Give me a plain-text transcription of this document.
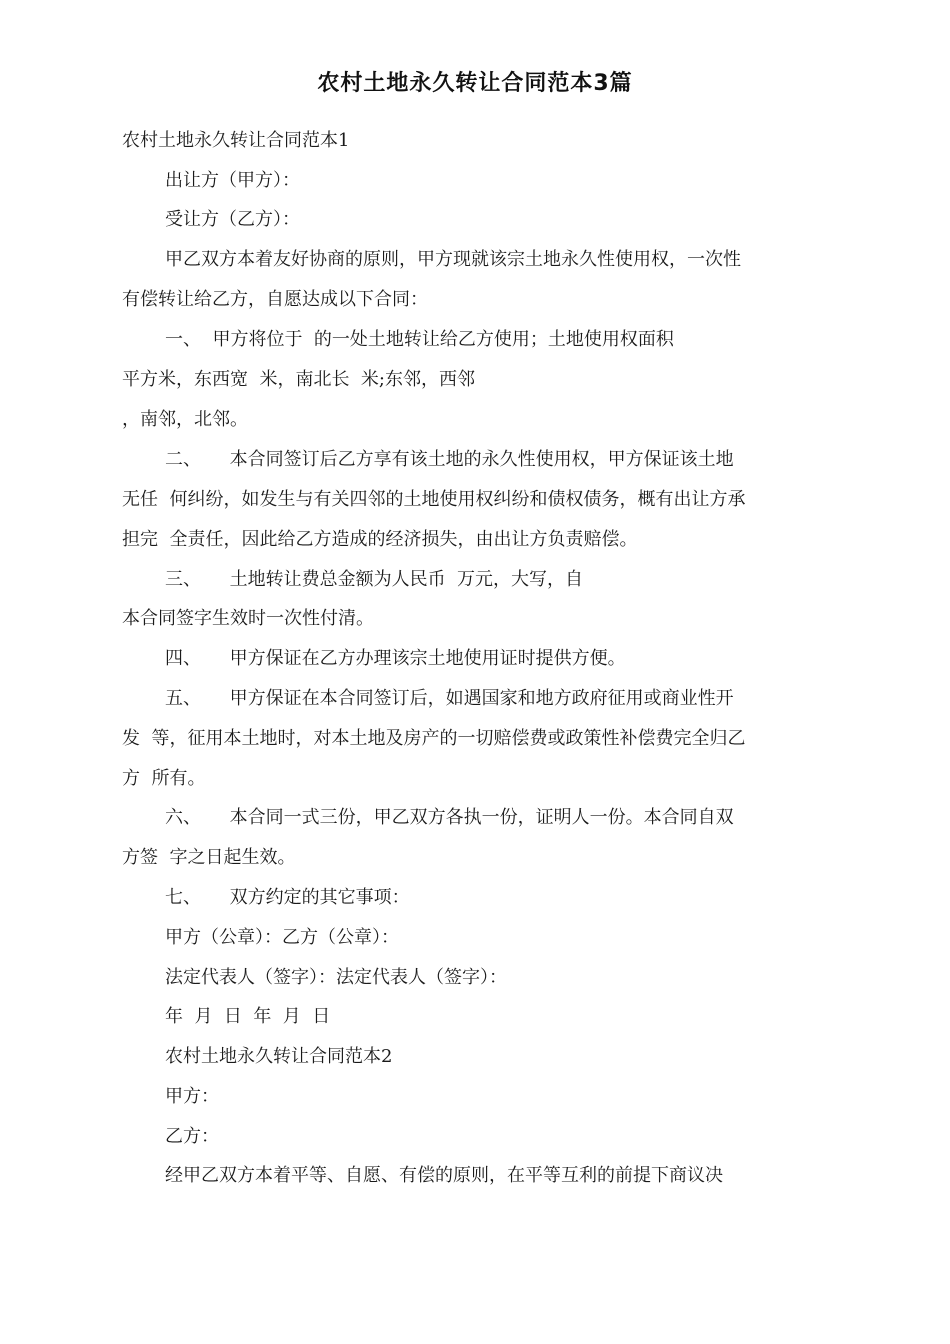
农村土地永久转让合同范本3篇
农村土地永久转让合同范本1
出让方（甲方）：
受让方（乙方）：
甲乙双方本着友好协商的原则，甲方现就该宗土地永久性使用权，一次性
有偿转让给乙方，自愿达成以下合同：
一、  甲方将位于  的一处土地转让给乙方使用；土地使用权面积
平方米，东西宽  米，南北长  米;东邻，西邻
，南邻，北邻。
二、     本合同签订后乙方享有该土地的永久性使用权，甲方保证该土地
无任  何纠纷，如发生与有关四邻的土地使用权纠纷和债权债务，概有出让方承
担完  全责任，因此给乙方造成的经济损失，由出让方负责赔偿。
三、     土地转让费总金额为人民币  万元，大写，自
本合同签字生效时一次性付清。
四、     甲方保证在乙方办理该宗土地使用证时提供方便。
五、     甲方保证在本合同签订后，如遇国家和地方政府征用或商业性开
发  等，征用本土地时，对本土地及房产的一切赔偿费或政策性补偿费完全归乙
方  所有。
六、     本合同一式三份，甲乙双方各执一份，证明人一份。本合同自双
方签  字之日起生效。
七、     双方约定的其它事项：
甲方（公章）：乙方（公章）：
法定代表人（签字）：法定代表人（签字）：
年  月  日  年  月  日
农村土地永久转让合同范本2
甲方：
乙方：
经甲乙双方本着平等、自愿、有偿的原则，在平等互利的前提下商议决
